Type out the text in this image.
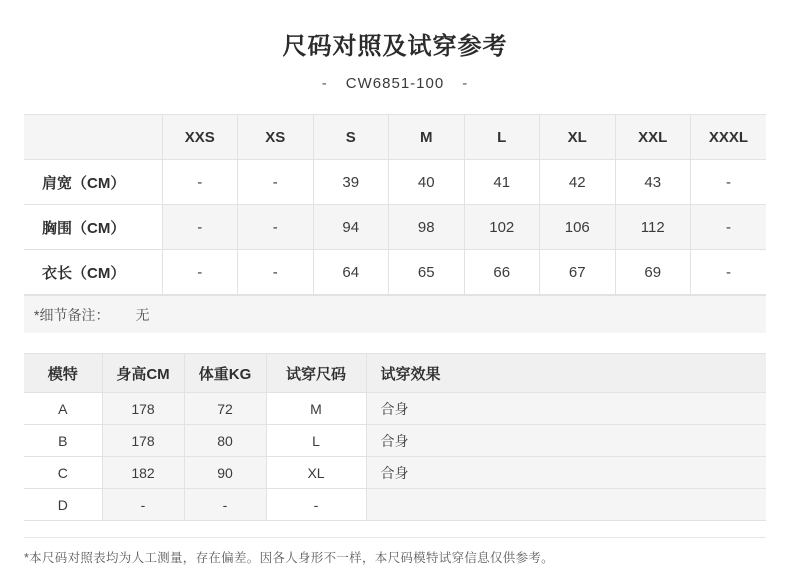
尺码对照及试穿参考
- CW6851-100 -
	XXS	XS	S	M	L	XL	XXL	XXXL
肩宽（CM）	-	-	39	40	41	42	43	-
胸围（CM）	-	-	94	98	102	106	112	-
衣长（CM）	-	-	64	65	66	67	69	-
*细节备注： 无
模特	身高CM	体重KG	试穿尺码	试穿效果
A	178	72	M	合身
B	178	80	L	合身
C	182	90	XL	合身
D	-	-	-	
*本尺码对照表均为人工测量，存在偏差。因各人身形不一样，本尺码模特试穿信息仅供参考。
